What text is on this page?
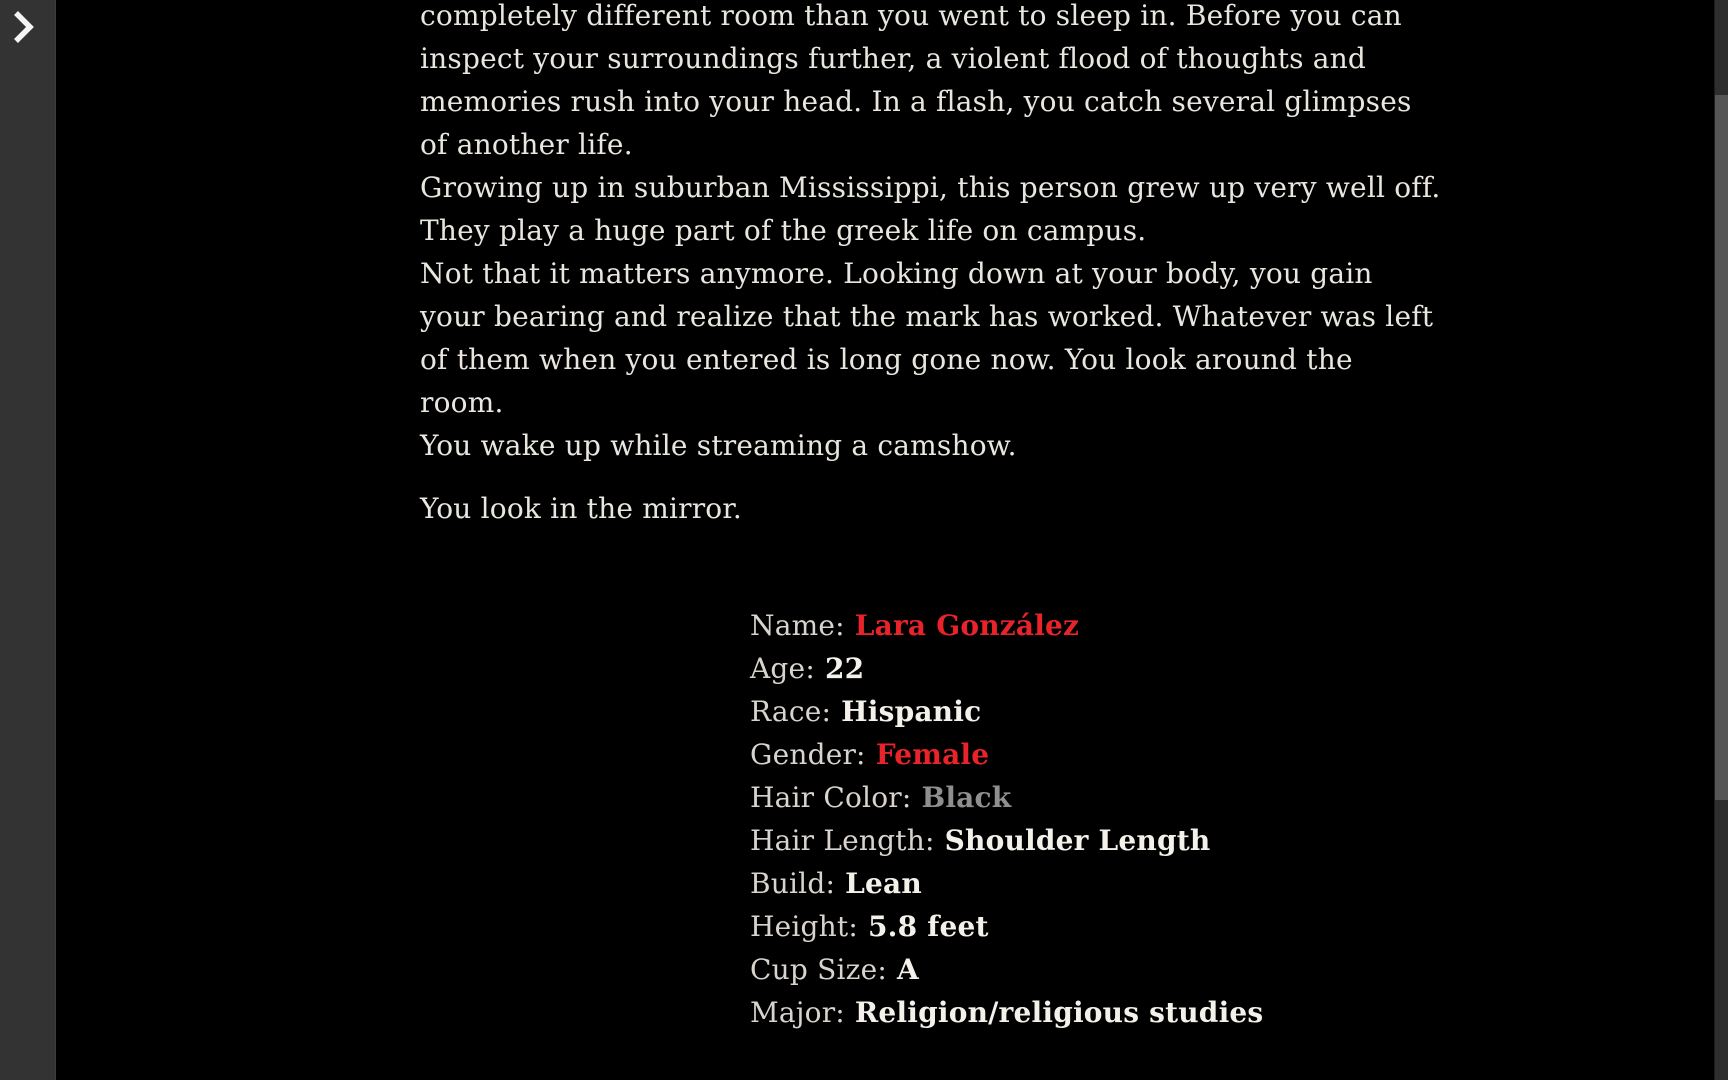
completely different room than you went to sleep in. Before you can
inspect your surroundings further, a violent flood of thoughts and
memories rush into your head. In a flash, you catch several glimpses
of another life.
Growing up in suburban Mississippi, this person grew up very well off.
They play a huge part of the greek life on campus.
Not that it matters anymore. Looking down at your body, you gain
your bearing and realize that the mark has worked. Whatever was left
of them when you entered is long gone now. You look around the
room.
You wake up while streaming a camshow.
You look in the mirror.
Name: Lara González
Age: 22
Race: Hispanic
Gender: Female
Hair Color: Black
Hair Length: Shoulder Length
Build: Lean
Height: 5.8 feet
Cup Size: A
Major: Religion/religious studies
